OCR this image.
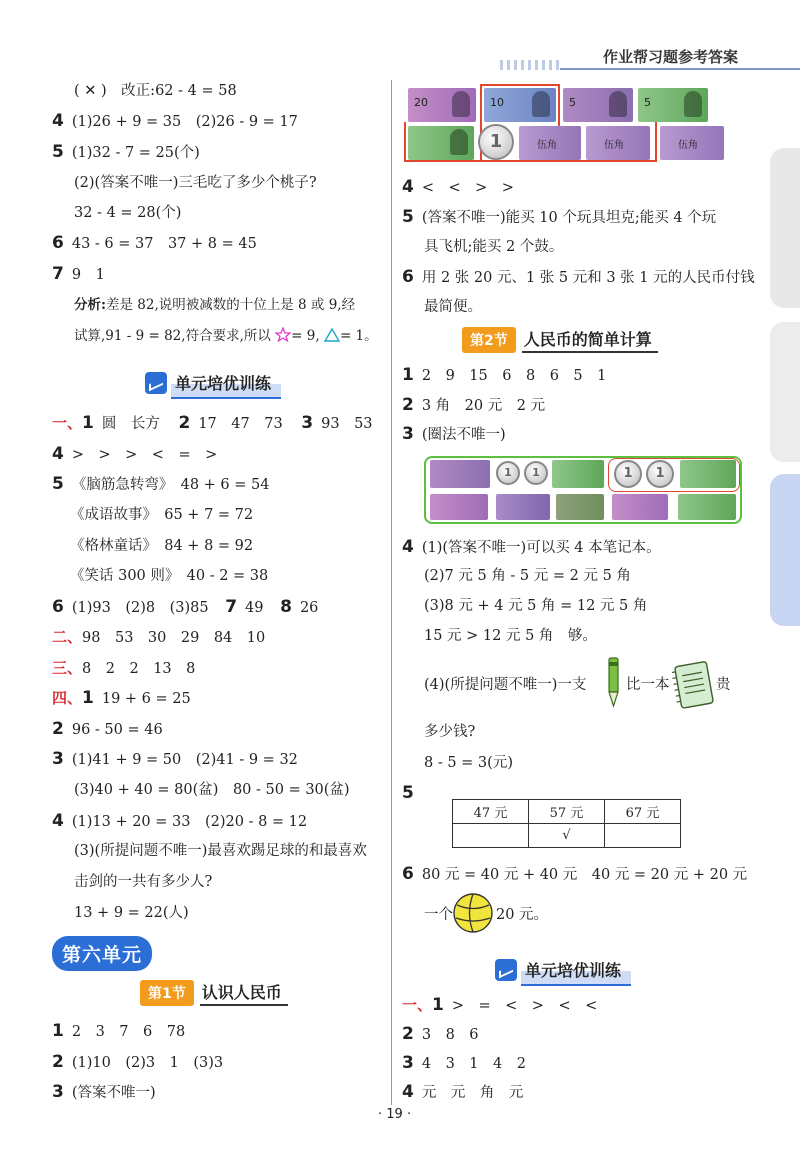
作业帮习题参考答案
( ✕ )　改正:62 - 4 = 58
4 (1)26 + 9 = 35　(2)26 - 9 = 17
5 (1)32 - 7 = 25(个)
(2)(答案不唯一)三毛吃了多少个桃子?
32 - 4 = 28(个)
6 43 - 6 = 37　37 + 8 = 45
7 9　1
分析:差是 82,说明被减数的十位上是 8 或 9,经
试算,91 - 9 = 82,符合要求,所以 = 9, = 1。
单元培优训练
一、1 圆　长方 2 17　47　73 3 93　53
4 >　>　>　<　=　>
5 《脑筋急转弯》　48 + 6 = 54
《成语故事》　65 + 7 = 72
《格林童话》　84 + 8 = 92
《笑话 300 则》　40 - 2 = 38
6 (1)93　(2)8　(3)85 7 49 8 26
二、98　53　30　29　84　10
三、8　2　2　13　8
四、1 19 + 6 = 25
2 96 - 50 = 46
3 (1)41 + 9 = 50　(2)41 - 9 = 32
(3)40 + 40 = 80(盆)　80 - 50 = 30(盆)
4 (1)13 + 20 = 33　(2)20 - 8 = 12
(3)(所提问题不唯一)最喜欢踢足球的和最喜欢
击剑的一共有多少人?
13 + 9 = 22(人)
第六单元
第1节	认识人民币
1 2　3　7　6　78
2 (1)10　(2)3　1　(3)3
3 (答案不唯一)
20	10	5	5
1	伍角	伍角	伍角
4 <　<　>　>
5 (答案不唯一)能买 10 个玩具坦克;能买 4 个玩
具飞机;能买 2 个鼓。
6 用 2 张 20 元、1 张 5 元和 3 张 1 元的人民币付钱
最简便。
第2节	人民币的简单计算
1 2　9　15　6　8　6　5　1
2 3 角　20 元　2 元
3 (圈法不唯一)
1	1	1	1
4 (1)(答案不唯一)可以买 4 本笔记本。
(2)7 元 5 角 - 5 元 = 2 元 5 角
(3)8 元 + 4 元 5 角 = 12 元 5 角
15 元 > 12 元 5 角　够。
(4)(所提问题不唯一)一支	比一本	贵
多少钱?
8 - 5 = 3(元)
5
47 元	57 元	67 元
	√	
6 80 元 = 40 元 + 40 元　40 元 = 20 元 + 20 元
一个	20 元。
单元培优训练
一、1 >　=　<　>　<　<
2 3　8　6
3 4　3　1　4　2
4 元　元　角　元
· 19 ·
